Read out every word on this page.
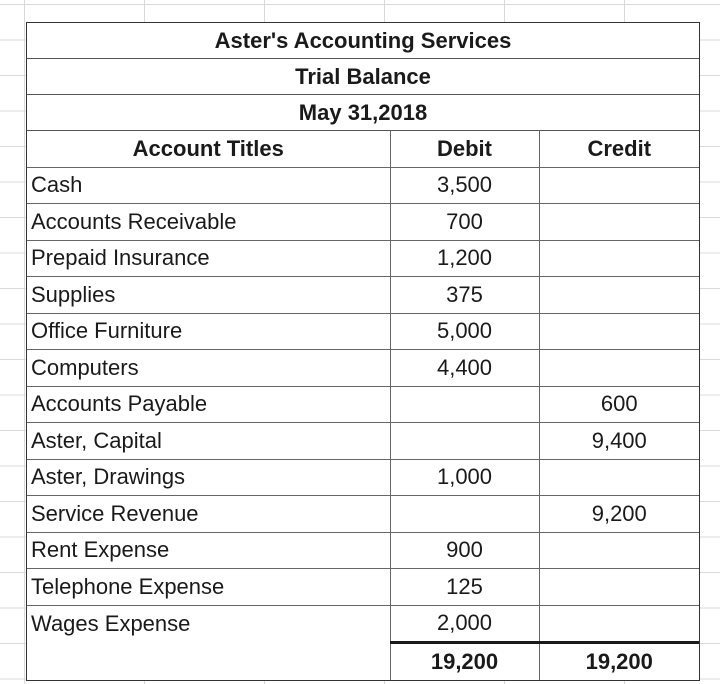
Aster's Accounting Services
Trial Balance
May 31,2018
Account Titles	Debit	Credit
Cash	3,500	
Accounts Receivable	700	
Prepaid Insurance	1,200	
Supplies	375	
Office Furniture	5,000	
Computers	4,400	
Accounts Payable		600
Aster, Capital		9,400
Aster, Drawings	1,000	
Service Revenue		9,200
Rent Expense	900	
Telephone Expense	125	
Wages Expense	2,000	
	19,200	19,200
